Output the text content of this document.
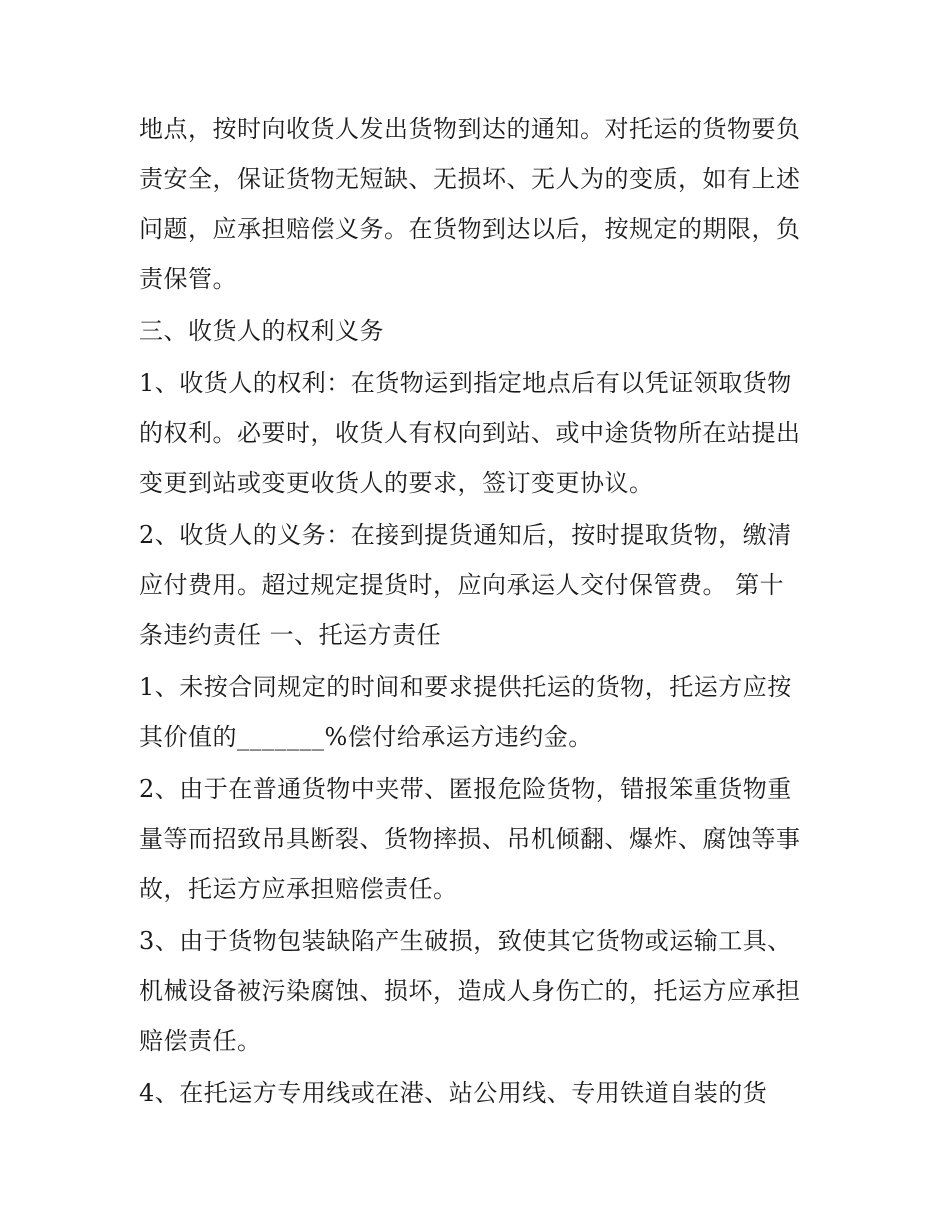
地点，按时向收货人发出货物到达的通知。对托运的货物要负
责安全，保证货物无短缺、无损坏、无人为的变质，如有上述
问题，应承担赔偿义务。在货物到达以后，按规定的期限，负
责保管。
三、收货人的权利义务
1、收货人的权利：在货物运到指定地点后有以凭证领取货物
的权利。必要时，收货人有权向到站、或中途货物所在站提出
变更到站或变更收货人的要求，签订变更协议。
2、收货人的义务：在接到提货通知后，按时提取货物，缴清
应付费用。超过规定提货时，应向承运人交付保管费。 第十
条违约责任 一、托运方责任
1、未按合同规定的时间和要求提供托运的货物，托运方应按
其价值的_______%偿付给承运方违约金。
2、由于在普通货物中夹带、匿报危险货物，错报笨重货物重
量等而招致吊具断裂、货物摔损、吊机倾翻、爆炸、腐蚀等事
故，托运方应承担赔偿责任。
3、由于货物包装缺陷产生破损，致使其它货物或运输工具、
机械设备被污染腐蚀、损坏，造成人身伤亡的，托运方应承担
赔偿责任。
4、在托运方专用线或在港、站公用线、专用铁道自装的货
